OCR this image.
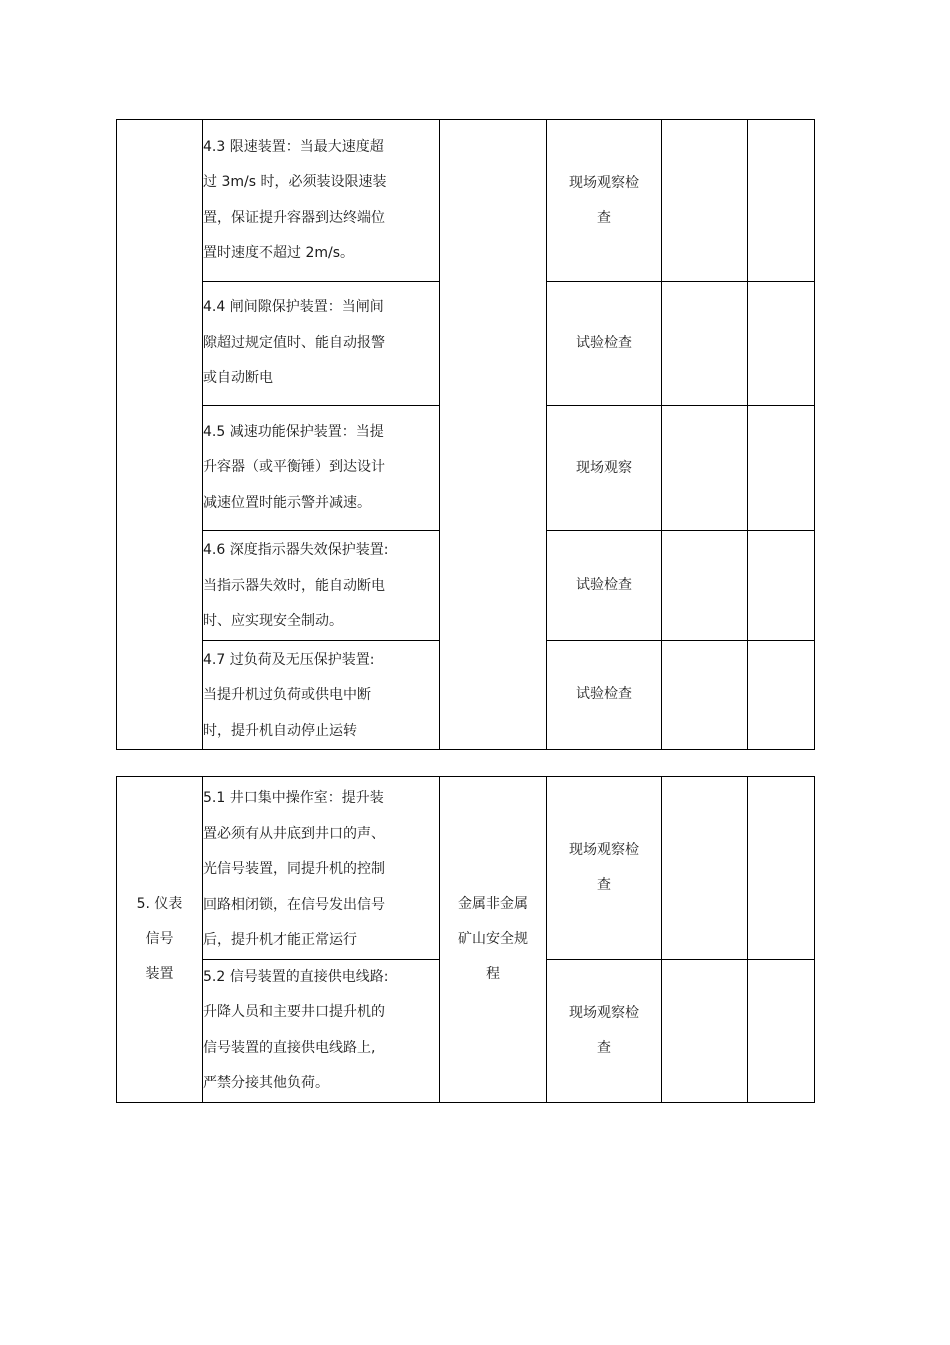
	4.3 限速装置：当最大速度超
过 3m/s 时，必须装设限速装
置，保证提升容器到达终端位
置时速度不超过 2m/s。		现场观察检
查		

	4.4 闸间隙保护装置：当闸间
隙超过规定值时、能自动报警
或自动断电		试验检查		

	4.5 减速功能保护装置：当提
升容器（或平衡锤）到达设计
减速位置时能示警并减速。		现场观察		

	4.6 深度指示器失效保护装置:
当指示器失效时，能自动断电
时、应实现安全制动。		试验检查		

	4.7 过负荷及无压保护装置:
当提升机过负荷或供电中断
时，提升机自动停止运转		试验检查		

5. 仪表
信号
装置	5.1 井口集中操作室：提升装
置必须有从井底到井口的声、
光信号装置，同提升机的控制
回路相闭锁，在信号发出信号
后，提升机才能正常运行	金属非金属
矿山安全规
程	现场观察检
查		

	5.2 信号装置的直接供电线路:
升降人员和主要井口提升机的
信号装置的直接供电线路上,
严禁分接其他负荷。		现场观察检
查		
